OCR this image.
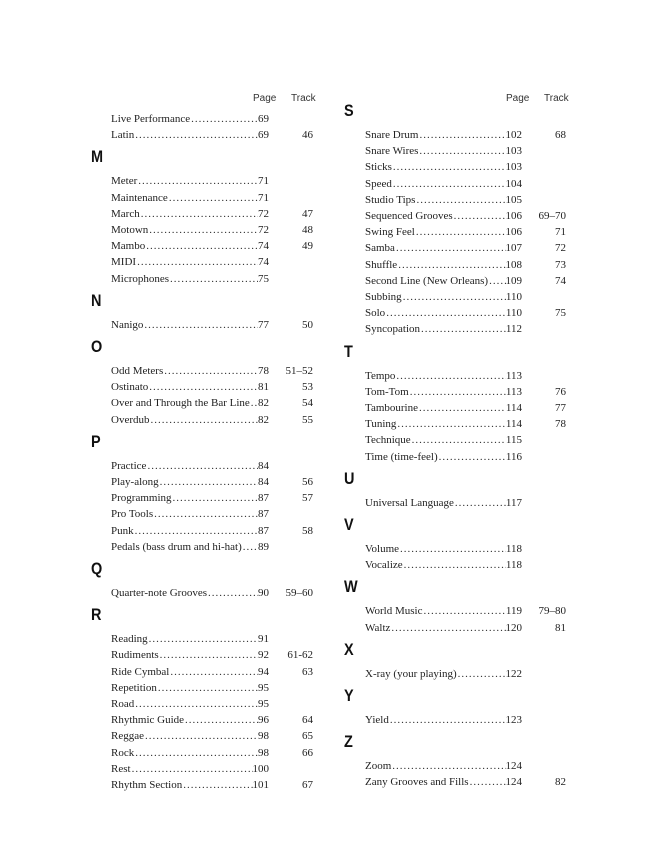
Page Track	Page Track
Live Performance .....	69
Latin .....	69	46
M
Meter .....	71
Maintenance .....	71
March .....	72	47
Motown .....	72	48
Mambo .....	74	49
MIDI .....	74
Microphones .....	75
N
Nanigo .....	77	50
O
Odd Meters .....	78 51–52
Ostinato .....	81	53
Over and Through the Bar Line ..... 82	54
Overdub .....	82	55
P
Practice .....	84
Play-along .....	84	56
Programming .....	87	57
Pro Tools .....	87
Punk .....	87	58
Pedals (bass drum and hi-hat) ..... 89
Q
Quarter-note Grooves .....	90 59–60
R
Reading .....	91
Rudiments .....	92 61-62
Ride Cymbal .....	94	63
Repetition .....	95
Road .....	95
Rhythmic Guide .....	96	64
Reggae .....	98	65
Rock .....	98	66
Rest .....	100
Rhythm Section .....	101	67
S
Snare Drum .....	102	68
Snare Wires .....	103
Sticks .....	103
Speed .....	104
Studio Tips .....	105
Sequenced Grooves .....	106 69–70
Swing Feel .....	106	71
Samba .....	107	72
Shuffle .....	108	73
Second Line (New Orleans) ..... 109	74
Subbing .....	110
Solo .....	110	75
Syncopation .....	112
T
Tempo .....	113
Tom-Tom .....	113	76
Tambourine .....	114	77
Tuning .....	114	78
Technique .....	115
Time (time-feel) .....	116
U
Universal Language .....	117
V
Volume .....	118
Vocalize .....	118
W
World Music .....	119 79–80
Waltz .....	120	81
X
X-ray (your playing) .....	122
Y
Yield .....	123
Z
Zoom .....	124
Zany Grooves and Fills .....	124	82
